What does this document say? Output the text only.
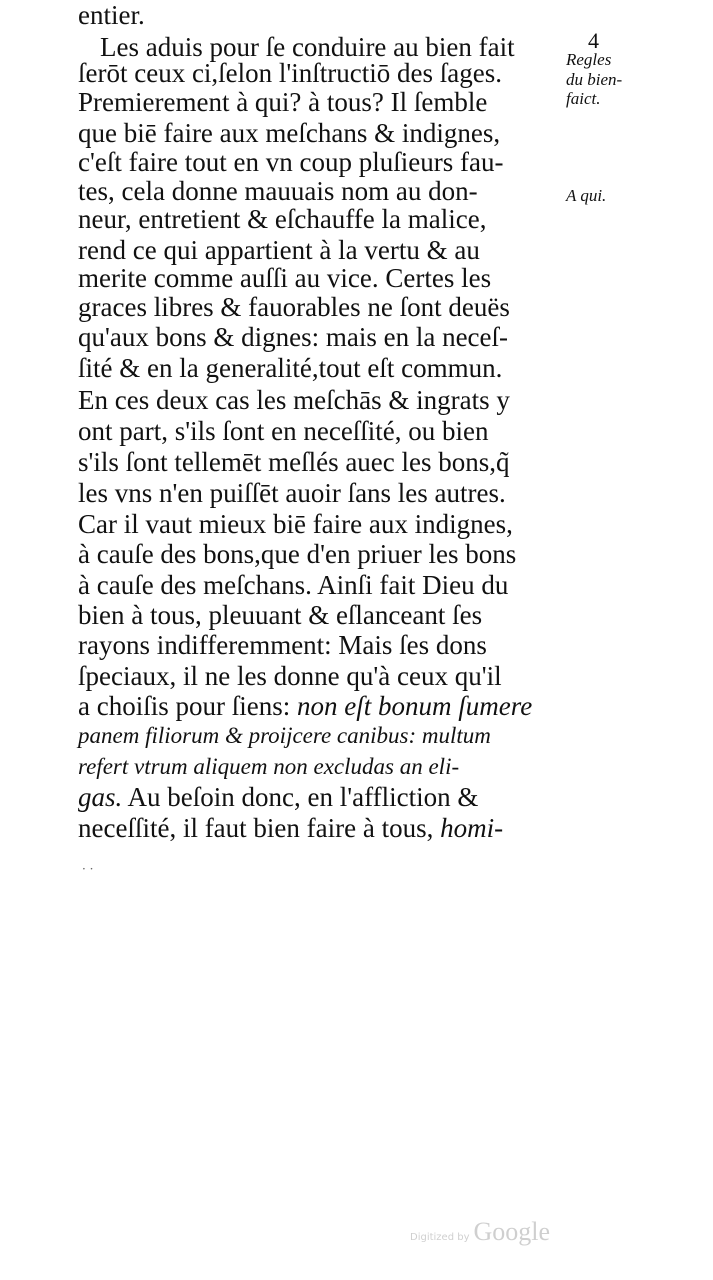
4
entier.
Les aduis pour ſe conduire au bien fait
ſerōt ceux ci,ſelon l'inſtructiō des ſages.
Premierement à qui? à tous? Il ſemble
que biē faire aux meſchans & indignes,
c'eſt faire tout en vn coup pluſieurs fau-
tes, cela donne mauuais nom au don-
neur, entretient & eſchauffe la malice,
rend ce qui appartient à la vertu & au
merite comme auſſi au vice. Certes les
graces libres & fauorables ne ſont deuës
qu'aux bons & dignes: mais en la neceſ-
ſité & en la generalité,tout eſt commun.
En ces deux cas les meſchās & ingrats y
ont part, s'ils ſont en neceſſité, ou bien
s'ils ſont tellemēt meſlés auec les bons,q̃
les vns n'en puiſſēt auoir ſans les autres.
Car il vaut mieux biē faire aux indignes,
à cauſe des bons,que d'en priuer les bons
à cauſe des meſchans. Ainſi fait Dieu du
bien à tous, pleuuant & eſlanceant ſes
rayons indifferemment: Mais ſes dons
ſpeciaux, il ne les donne qu'à ceux qu'il
a choiſis pour ſiens: non eſt bonum ſumere
panem filiorum & proijcere canibus: multum
refert vtrum aliquem non excludas an eli-
gas. Au beſoin donc, en l'affliction &
neceſſité, il faut bien faire à tous, homi-
Regles
du bien-
faict.
A qui.
· ·
Digitized by Google
